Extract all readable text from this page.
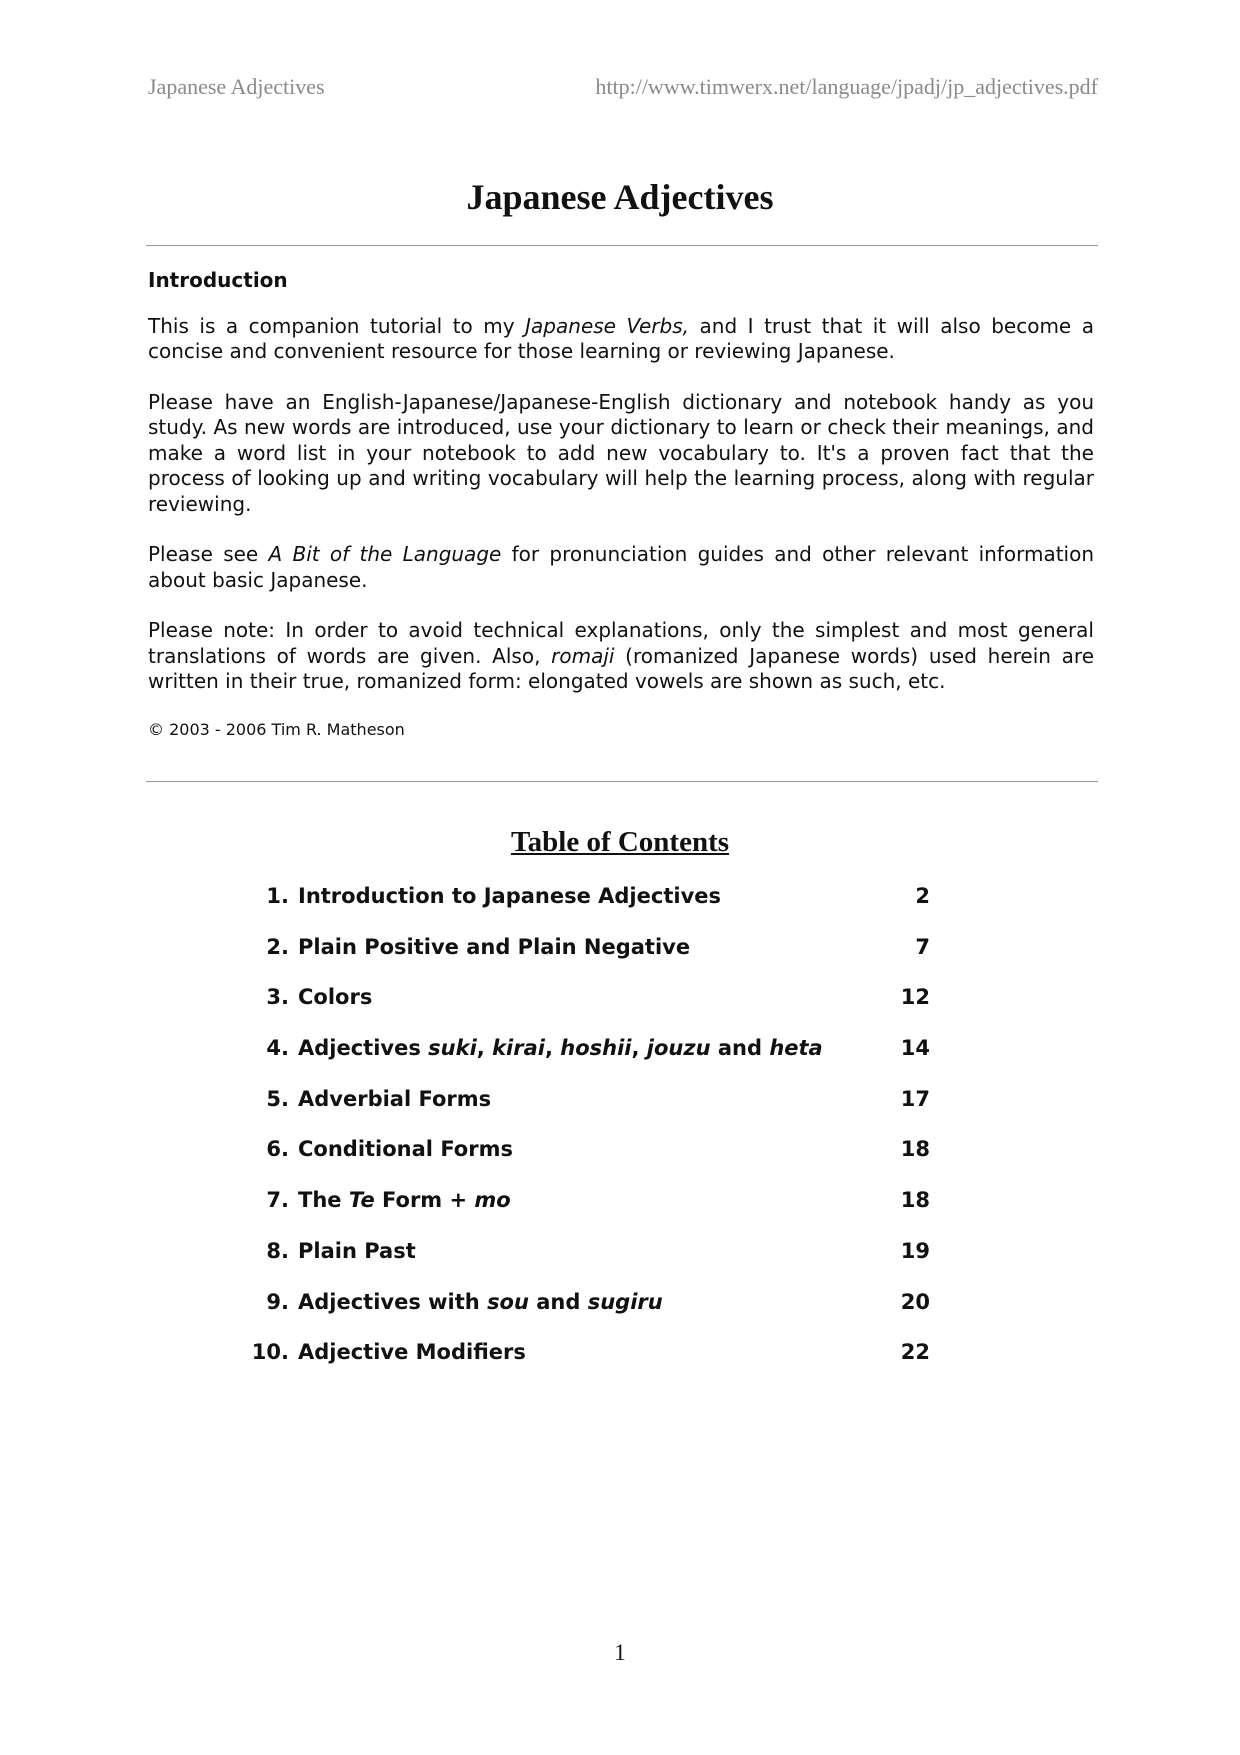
Japanese Adjectives	http://www.timwerx.net/language/jpadj/jp_adjectives.pdf
Japanese Adjectives
Introduction

This is a companion tutorial to my Japanese Verbs, and I trust that it will also become a concise and convenient resource for those learning or reviewing Japanese.

Please have an English-Japanese/Japanese-English dictionary and notebook handy as you study. As new words are introduced, use your dictionary to learn or check their meanings, and make a word list in your notebook to add new vocabulary to. It's a proven fact that the process of looking up and writing vocabulary will help the learning process, along with regular reviewing.

Please see A Bit of the Language for pronunciation guides and other relevant information about basic Japanese.

Please note: In order to avoid technical explanations, only the simplest and most general translations of words are given. Also, romaji (romanized Japanese words) used herein are written in their true, romanized form: elongated vowels are shown as such, etc.

© 2003 - 2006 Tim R. Matheson

Table of Contents
1. Introduction to Japanese Adjectives	2
2. Plain Positive and Plain Negative	7
3. Colors	12
4. Adjectives suki, kirai, hoshii, jouzu and heta	14
5. Adverbial Forms	17
6. Conditional Forms	18
7. The Te Form + mo	18
8. Plain Past	19
9. Adjectives with sou and sugiru	20
10. Adjective Modifiers	22
1
